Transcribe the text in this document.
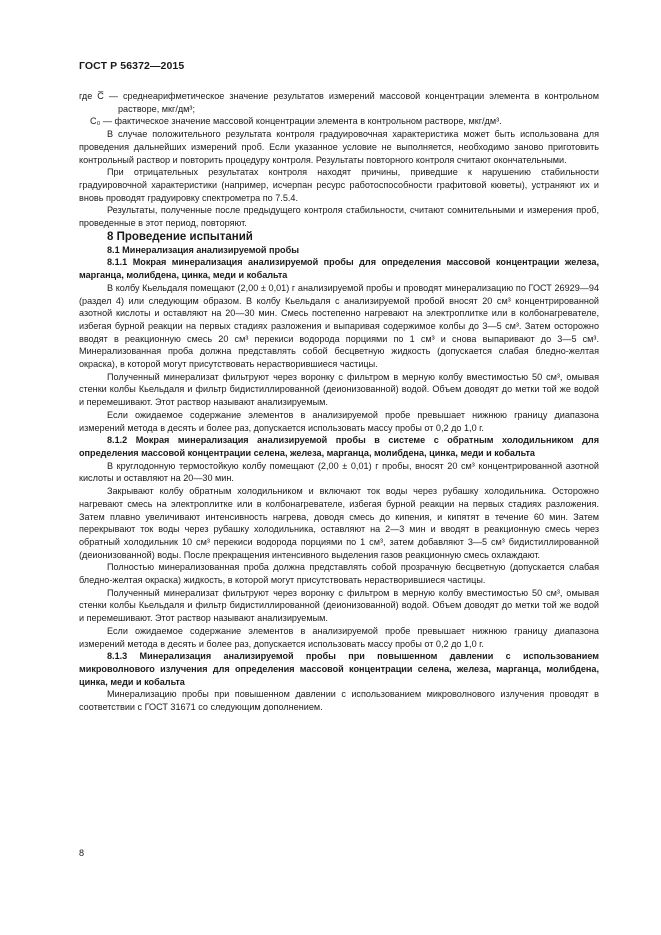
ГОСТ Р 56372—2015

где C̅ — среднеарифметическое значение результатов измерений массовой концентрации элемента в контрольном растворе, мкг/дм³;

C₀ — фактическое значение массовой концентрации элемента в контрольном растворе, мкг/дм³.

В случае положительного результата контроля градуировочная характеристика может быть использована для проведения дальнейших измерений проб. Если указанное условие не выполняется, необходимо заново приготовить контрольный раствор и повторить процедуру контроля. Результаты повторного контроля считают окончательными.

При отрицательных результатах контроля находят причины, приведшие к нарушению стабильности градуировочной характеристики (например, исчерпан ресурс работоспособности графитовой кюветы), устраняют их и вновь проводят градуировку спектрометра по 7.5.4.

Результаты, полученные после предыдущего контроля стабильности, считают сомнительными и измерения проб, проведенные в этот период, повторяют.

8 Проведение испытаний

8.1 Минерализация анализируемой пробы

8.1.1 Мокрая минерализация анализируемой пробы для определения массовой концентрации железа, марганца, молибдена, цинка, меди и кобальта

В колбу Кьельдаля помещают (2,00 ± 0,01) г анализируемой пробы и проводят минерализацию по ГОСТ 26929—94 (раздел 4) или следующим образом. В колбу Кьельдаля с анализируемой пробой вносят 20 см³ концентрированной азотной кислоты и оставляют на 20—30 мин. Смесь постепенно нагревают на электроплитке или в колбонагревателе, избегая бурной реакции на первых стадиях разложения и выпаривая содержимое колбы до 3—5 см³. Затем осторожно вводят в реакционную смесь 20 см³ перекиси водорода порциями по 1 см³ и снова выпаривают до 3—5 см³. Минерализованная проба должна представлять собой бесцветную жидкость (допускается слабая бледно-желтая окраска), в которой могут присутствовать нерастворившиеся частицы.

Полученный минерализат фильтруют через воронку с фильтром в мерную колбу вместимостью 50 см³, омывая стенки колбы Кьельдаля и фильтр бидистиллированной (деионизованной) водой. Объем доводят до метки той же водой и перемешивают. Этот раствор называют анализируемым.

Если ожидаемое содержание элементов в анализируемой пробе превышает нижнюю границу диапазона измерений метода в десять и более раз, допускается использовать массу пробы от 0,2 до 1,0 г.

8.1.2 Мокрая минерализация анализируемой пробы в системе с обратным холодильником для определения массовой концентрации селена, железа, марганца, молибдена, цинка, меди и кобальта

В круглодонную термостойкую колбу помещают (2,00 ± 0,01) г пробы, вносят 20 см³ концентрированной азотной кислоты и оставляют на 20—30 мин.

Закрывают колбу обратным холодильником и включают ток воды через рубашку холодильника. Осторожно нагревают смесь на электроплитке или в колбонагревателе, избегая бурной реакции на первых стадиях разложения. Затем плавно увеличивают интенсивность нагрева, доводя смесь до кипения, и кипятят в течение 60 мин. Затем перекрывают ток воды через рубашку холодильника, оставляют на 2—3 мин и вводят в реакционную смесь через обратный холодильник 10 см³ перекиси водорода порциями по 1 см³, затем добавляют 3—5 см³ бидистиллированной (деионизованной) воды. После прекращения интенсивного выделения газов реакционную смесь охлаждают.

Полностью минерализованная проба должна представлять собой прозрачную бесцветную (допускается слабая бледно-желтая окраска) жидкость, в которой могут присутствовать нерастворившиеся частицы.

Полученный минерализат фильтруют через воронку с фильтром в мерную колбу вместимостью 50 см³, омывая стенки колбы Кьельдаля и фильтр бидистиллированной (деионизованной) водой. Объем доводят до метки той же водой и перемешивают. Этот раствор называют анализируемым.

Если ожидаемое содержание элементов в анализируемой пробе превышает нижнюю границу диапазона измерений метода в десять и более раз, допускается использовать массу пробы от 0,2 до 1,0 г.

8.1.3 Минерализация анализируемой пробы при повышенном давлении с использованием микроволнового излучения для определения массовой концентрации селена, железа, марганца, молибдена, цинка, меди и кобальта

Минерализацию пробы при повышенном давлении с использованием микроволнового излучения проводят в соответствии с ГОСТ 31671 со следующим дополнением.

8
